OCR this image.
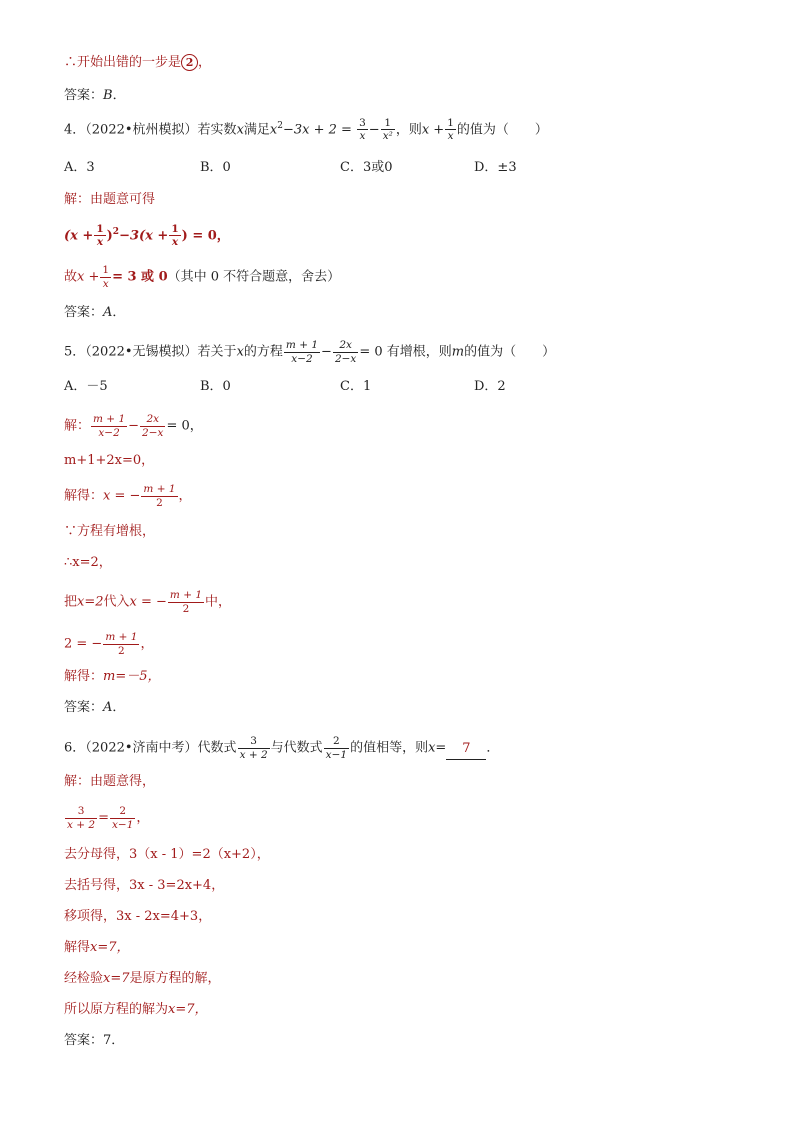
∴开始出错的一步是 2 ，
答案：B．
4．（2022•杭州模拟）若实数x满足$x^2-3x + 2 = \frac{3}{x} - \frac{1}{\text{x²}}$ ，则$x + \frac{1}{x}$ 的值为（　　）
A．3	B．0	C．3或0	D．±3
解：由题意可得
$(x + \frac{1}{x} )^2-3(x + \frac{1}{x}$ ) = 0，
故$x + \frac{1}{x} = 3$ 或 0（其中 0 不符合题意，舍去）
答案：A．
5．（2022•无锡模拟）若关于x的方程 $\frac{m + 1}{x-2} - \frac{2x}{2-x} = 0$ 有增根，则m的值为（　　）
A．－5	B．0	C．1	D．2
解： $\frac{m + 1}{x-2} - \frac{2x}{2-x} = 0$，
m+1+2x=0，
解得：x = − $\frac{m + 1}{2}$ ，
∵方程有增根，
∴x=2，
把x=2代入x = − $\frac{m + 1}{2}$ 中，
2 = − $\frac{m + 1}{2}$ ，
解得：m=－5，
答案：A．
6．（2022•济南中考）代数式 $\frac{3}{x + 2}$ 与代数式 $\frac{2}{x-1}$ 的值相等，则x= 7 ．
解：由题意得，
$\frac{3}{x + 2} = \frac{2}{x-1}$ ，
去分母得，3（x - 1）=2（x+2），
去括号得，3x - 3=2x+4，
移项得，3x - 2x=4+3，
解得x=7，
经检验x=7是原方程的解，
所以原方程的解为x=7，
答案：7．
